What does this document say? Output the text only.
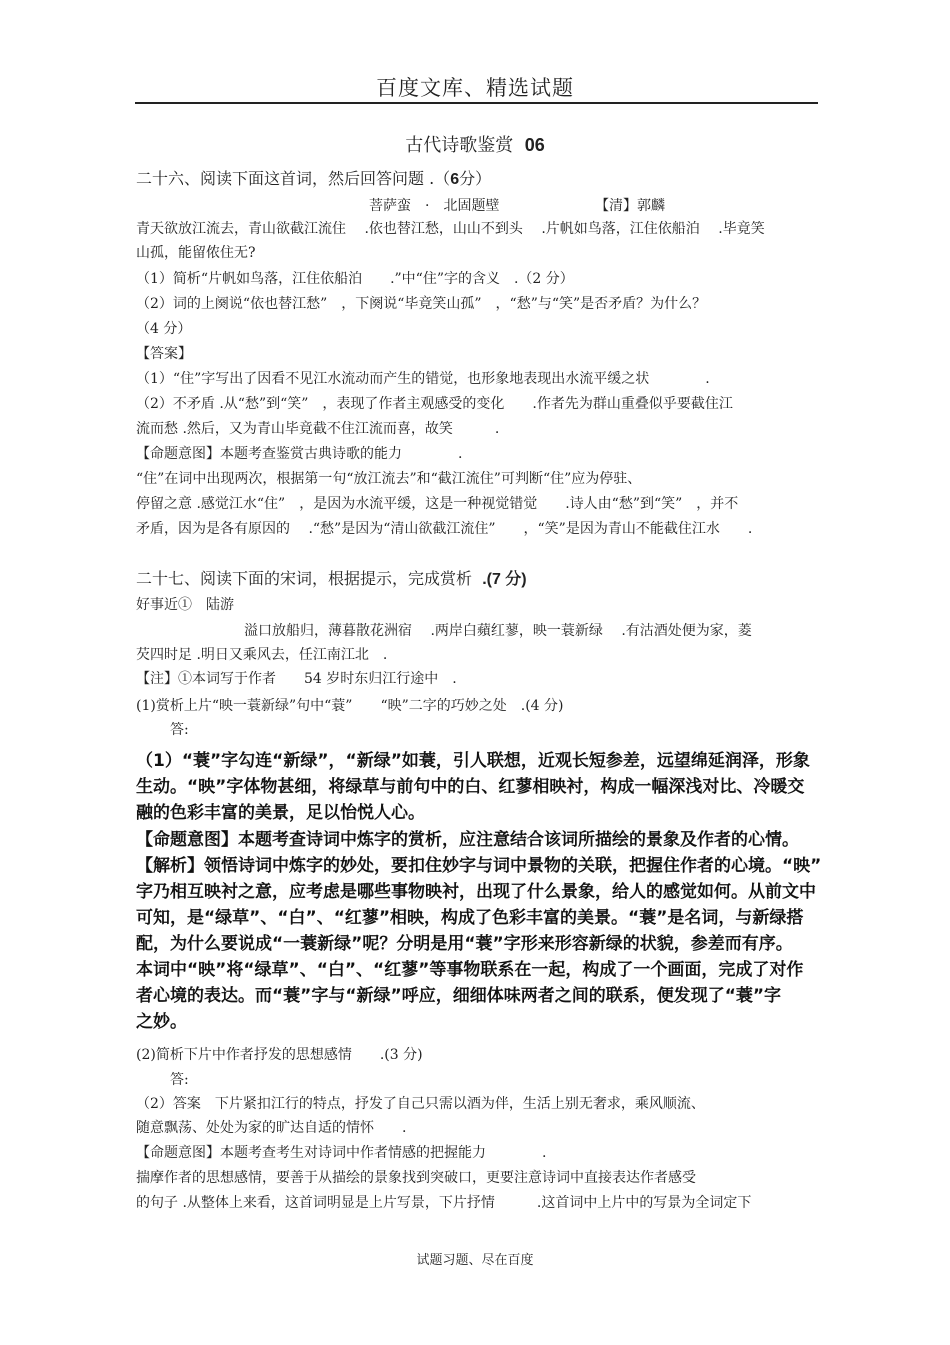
百度文库、精选试题
古代诗歌鉴赏 06
二十六、阅读下面这首词，然后回答问题 .（6分）
菩萨蛮　·　北固题壁	【清】郭麟
青天欲放江流去，青山欲截江流住　 .依也替江愁，山山不到头　 .片帆如鸟落，江住依船泊　 .毕竟笑
山孤，能留侬住无?
（1）简析“片帆如鸟落，江住依船泊　　.”中“住”字的含义　.（2 分）
（2）词的上阕说“依也替江愁”　，下阕说“毕竟笑山孤”　，“愁”与“笑”是否矛盾？为什么？
（4 分）
【答案】
（1）“住”字写出了因看不见江水流动而产生的错觉，也形象地表现出水流平缓之状　　　　.
（2）不矛盾 .从“愁”到“笑”　，表现了作者主观感受的变化　　.作者先为群山重叠似乎要截住江
流而愁 .然后，又为青山毕竟截不住江流而喜，故笑　　　.
【命题意图】本题考查鉴赏古典诗歌的能力　　　　.
“住”在词中出现两次，根据第一句“放江流去”和“截江流住”可判断“住”应为停驻、
停留之意 .感觉江水“住”　，是因为水流平缓，这是一种视觉错觉　　.诗人由“愁”到“笑”　，并不
矛盾，因为是各有原因的　 .“愁”是因为“清山欲截江流住”　　，“笑”是因为青山不能截住江水　　.
二十七、阅读下面的宋词，根据提示，完成赏析 .(7 分)
好事近①　陆游
溢口放船归，薄暮散花洲宿　 .两岸白蘋红蓼，映一蓑新绿　 .有沽酒处便为家，菱
芡四时足 .明日又乘风去，任江南江北　.
【注】①本词写于作者　　54 岁时东归江行途中　.
(1)赏析上片“映一蓑新绿”句中“蓑”　　“映”二字的巧妙之处　.(4 分)
答:
（1）“蓑”字勾连“新绿”，“新绿”如蓑，引人联想，近观长短参差，远望绵延润泽，形象
生动。“映”字体物甚细，将绿草与前句中的白、红蓼相映衬，构成一幅深浅对比、冷暖交
融的色彩丰富的美景，足以怡悦人心。
【命题意图】本题考查诗词中炼字的赏析，应注意结合该词所描绘的景象及作者的心情。
【解析】领悟诗词中炼字的妙处，要扣住妙字与词中景物的关联，把握住作者的心境。“映”
字乃相互映衬之意，应考虑是哪些事物映衬，出现了什么景象，给人的感觉如何。从前文中
可知，是“绿草”、“白”、“红蓼”相映，构成了色彩丰富的美景。“蓑”是名词，与新绿搭
配，为什么要说成“一蓑新绿”呢？分明是用“蓑”字形来形容新绿的状貌，参差而有序。
本词中“映”将“绿草”、“白”、“红蓼”等事物联系在一起，构成了一个画面，完成了对作
者心境的表达。而“蓑”字与“新绿”呼应，细细体味两者之间的联系，便发现了“蓑”字
之妙。
(2)简析下片中作者抒发的思想感情　　.(3 分)
答:
（2）答案　下片紧扣江行的特点，抒发了自己只需以酒为伴，生活上别无奢求，乘风顺流、
随意飘荡、处处为家的旷达自适的情怀　　.
【命题意图】本题考查考生对诗词中作者情感的把握能力　　　　.
揣摩作者的思想感情，要善于从描绘的景象找到突破口，更要注意诗词中直接表达作者感受
的句子 .从整体上来看，这首词明显是上片写景，下片抒情　　　.这首词中上片中的写景为全词定下
试题习题、尽在百度
